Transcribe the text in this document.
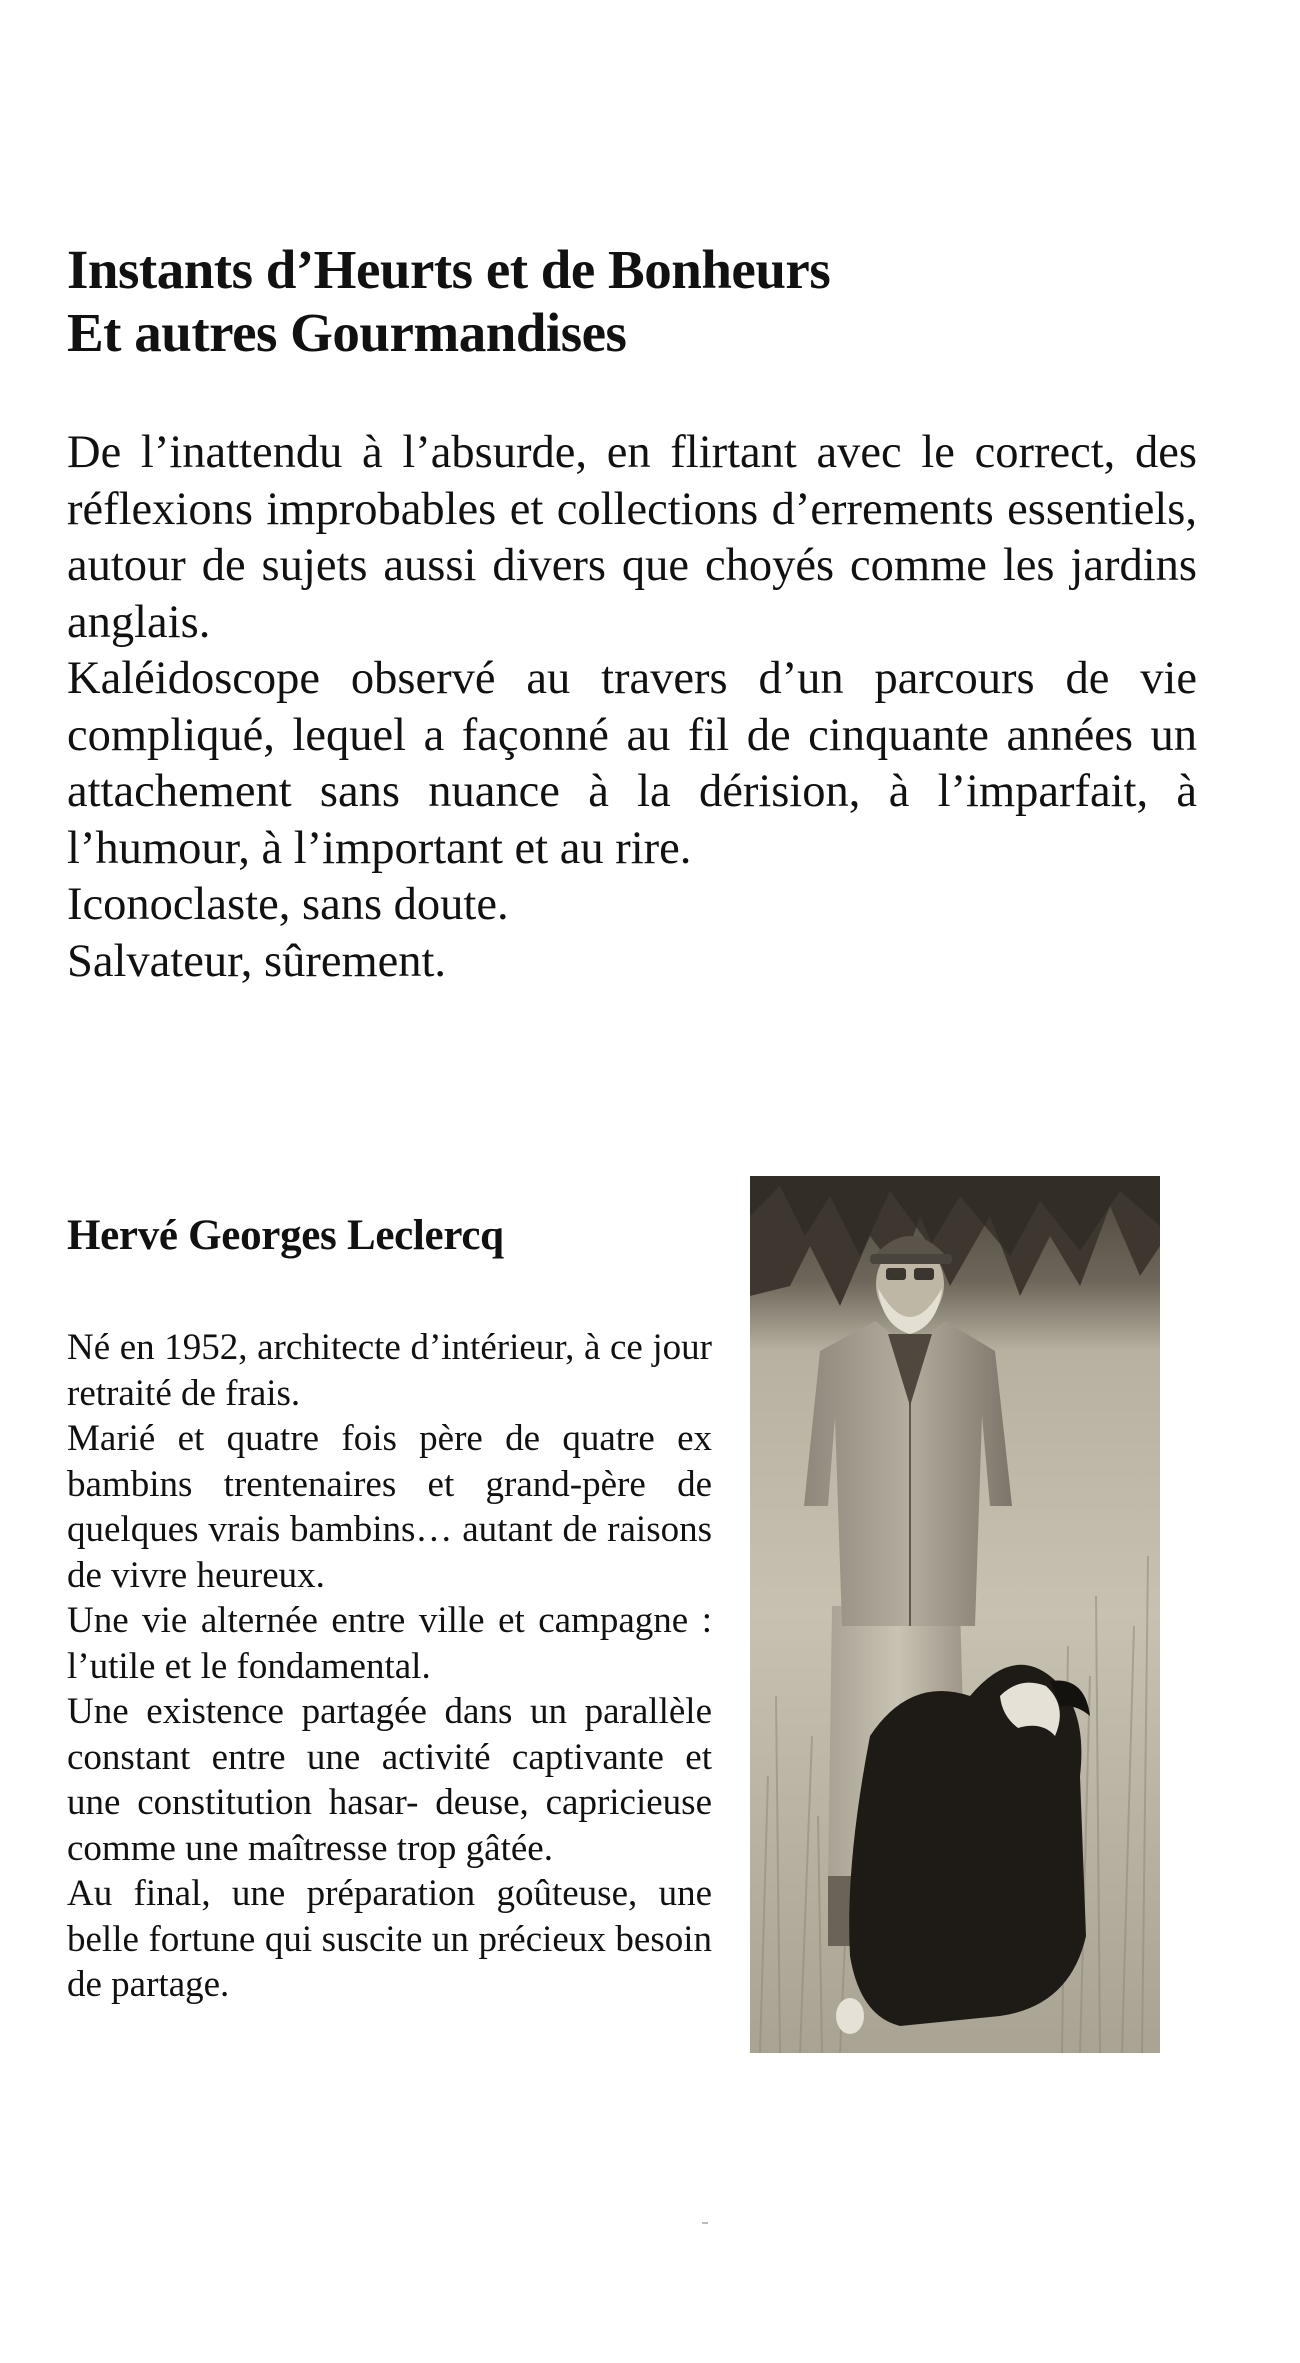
Instants d’Heurts et de Bonheurs
Et autres Gourmandises

De l’inattendu à l’absurde, en flirtant avec le correct, des réflexions improbables et collections d’errements essentiels, autour de sujets aussi divers que choyés comme les jardins anglais.

Kaléidoscope observé au travers d’un parcours de vie compliqué, lequel a façonné au fil de cinquante années un attachement sans nuance à la dérision, à l’imparfait, à l’humour, à l’important et au rire.

Iconoclaste, sans doute.

Salvateur, sûrement.

Hervé Georges Leclercq

Né en 1952, architecte d’intérieur, à ce jour retraité de frais.

Marié et quatre fois père de quatre ex bambins trentenaires et grand-père de quelques vrais bambins… autant de raisons de vivre heureux.

Une vie alternée entre ville et campagne : l’utile et le fondamental.

Une existence partagée dans un parallèle constant entre une activité captivante et une constitution hasar- deuse, capricieuse comme une maîtresse trop gâtée.

Au final, une préparation goûteuse, une belle fortune qui suscite un précieux besoin de partage.
